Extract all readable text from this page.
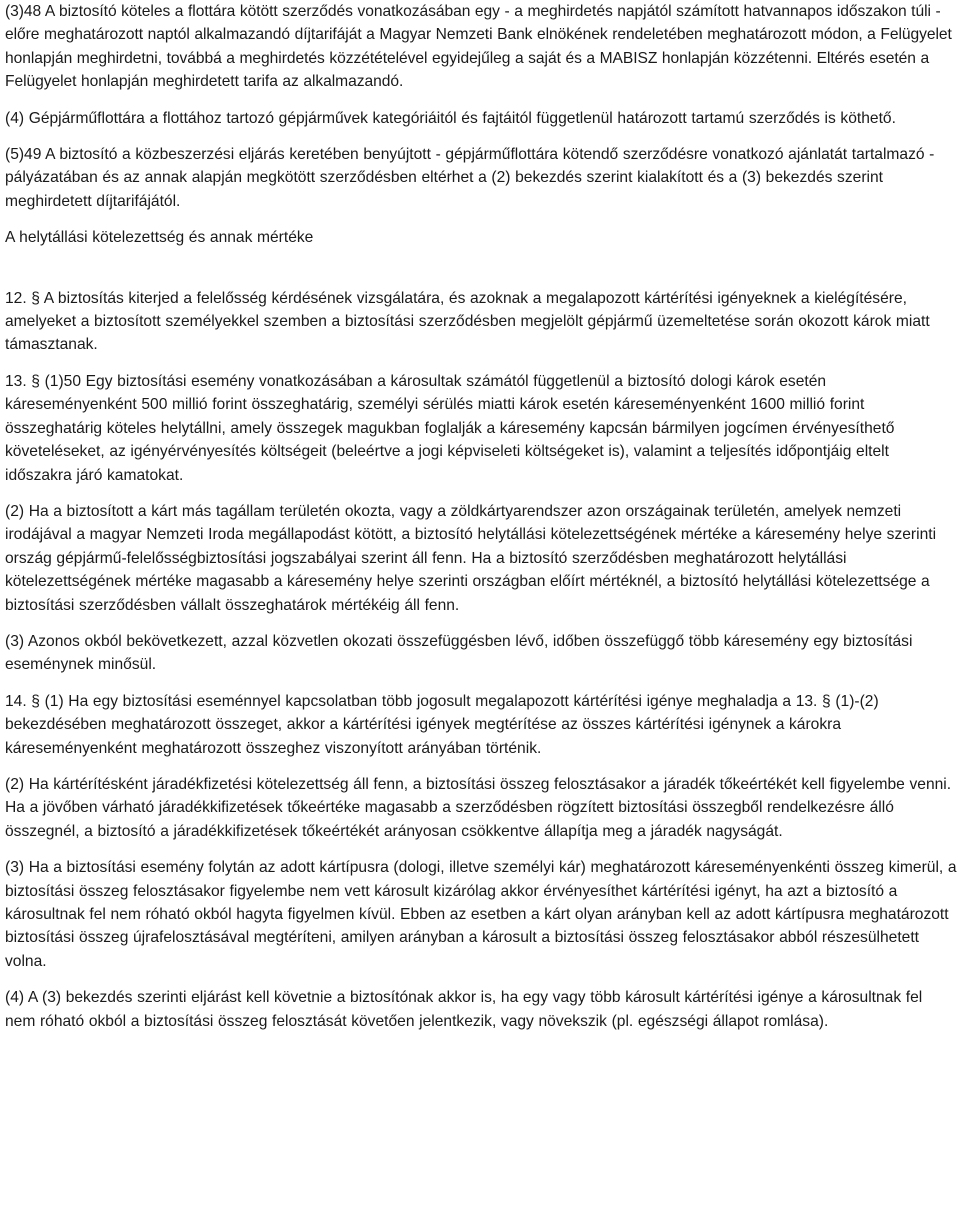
(3)48 A biztosító köteles a flottára kötött szerződés vonatkozásában egy - a meghirdetés napjától számított hatvannapos időszakon túli - előre meghatározott naptól alkalmazandó díjtarifáját a Magyar Nemzeti Bank elnökének rendeletében meghatározott módon, a Felügyelet honlapján meghirdetni, továbbá a meghirdetés közzétételével egyidejűleg a saját és a MABISZ honlapján közzétenni. Eltérés esetén a Felügyelet honlapján meghirdetett tarifa az alkalmazandó.

(4) Gépjárműflottára a flottához tartozó gépjárművek kategóriáitól és fajtáitól függetlenül határozott tartamú szerződés is köthető.

(5)49 A biztosító a közbeszerzési eljárás keretében benyújtott - gépjárműflottára kötendő szerződésre vonatkozó ajánlatát tartalmazó - pályázatában és az annak alapján megkötött szerződésben eltérhet a (2) bekezdés szerint kialakított és a (3) bekezdés szerint meghirdetett díjtarifájától.

A helytállási kötelezettség és annak mértéke

12. § A biztosítás kiterjed a felelősség kérdésének vizsgálatára, és azoknak a megalapozott kártérítési igényeknek a kielégítésére, amelyeket a biztosított személyekkel szemben a biztosítási szerződésben megjelölt gépjármű üzemeltetése során okozott károk miatt támasztanak.

13. § (1)50 Egy biztosítási esemény vonatkozásában a károsultak számától függetlenül a biztosító dologi károk esetén káreseményenként 500 millió forint összeghatárig, személyi sérülés miatti károk esetén káreseményenként 1600 millió forint összeghatárig köteles helytállni, amely összegek magukban foglalják a káresemény kapcsán bármilyen jogcímen érvényesíthető követeléseket, az igényérvényesítés költségeit (beleértve a jogi képviseleti költségeket is), valamint a teljesítés időpontjáig eltelt időszakra járó kamatokat.

(2) Ha a biztosított a kárt más tagállam területén okozta, vagy a zöldkártyarendszer azon országainak területén, amelyek nemzeti irodájával a magyar Nemzeti Iroda megállapodást kötött, a biztosító helytállási kötelezettségének mértéke a káresemény helye szerinti ország gépjármű-felelősségbiztosítási jogszabályai szerint áll fenn. Ha a biztosító szerződésben meghatározott helytállási kötelezettségének mértéke magasabb a káresemény helye szerinti országban előírt mértéknél, a biztosító helytállási kötelezettsége a biztosítási szerződésben vállalt összeghatárok mértékéig áll fenn.

(3) Azonos okból bekövetkezett, azzal közvetlen okozati összefüggésben lévő, időben összefüggő több káresemény egy biztosítási eseménynek minősül.

14. § (1) Ha egy biztosítási eseménnyel kapcsolatban több jogosult megalapozott kártérítési igénye meghaladja a 13. § (1)-(2) bekezdésében meghatározott összeget, akkor a kártérítési igények megtérítése az összes kártérítési igénynek a károkra káreseményenként meghatározott összeghez viszonyított arányában történik.

(2) Ha kártérítésként járadékfizetési kötelezettség áll fenn, a biztosítási összeg felosztásakor a járadék tőkeértékét kell figyelembe venni. Ha a jövőben várható járadékkifizetések tőkeértéke magasabb a szerződésben rögzített biztosítási összegből rendelkezésre álló összegnél, a biztosító a járadékkifizetések tőkeértékét arányosan csökkentve állapítja meg a járadék nagyságát.

(3) Ha a biztosítási esemény folytán az adott kártípusra (dologi, illetve személyi kár) meghatározott káreseményenkénti összeg kimerül, a biztosítási összeg felosztásakor figyelembe nem vett károsult kizárólag akkor érvényesíthet kártérítési igényt, ha azt a biztosító a károsultnak fel nem róható okból hagyta figyelmen kívül. Ebben az esetben a kárt olyan arányban kell az adott kártípusra meghatározott biztosítási összeg újrafelosztásával megtéríteni, amilyen arányban a károsult a biztosítási összeg felosztásakor abból részesülhetett volna.

(4) A (3) bekezdés szerinti eljárást kell követnie a biztosítónak akkor is, ha egy vagy több károsult kártérítési igénye a károsultnak fel nem róható okból a biztosítási összeg felosztását követően jelentkezik, vagy növekszik (pl. egészségi állapot romlása).
